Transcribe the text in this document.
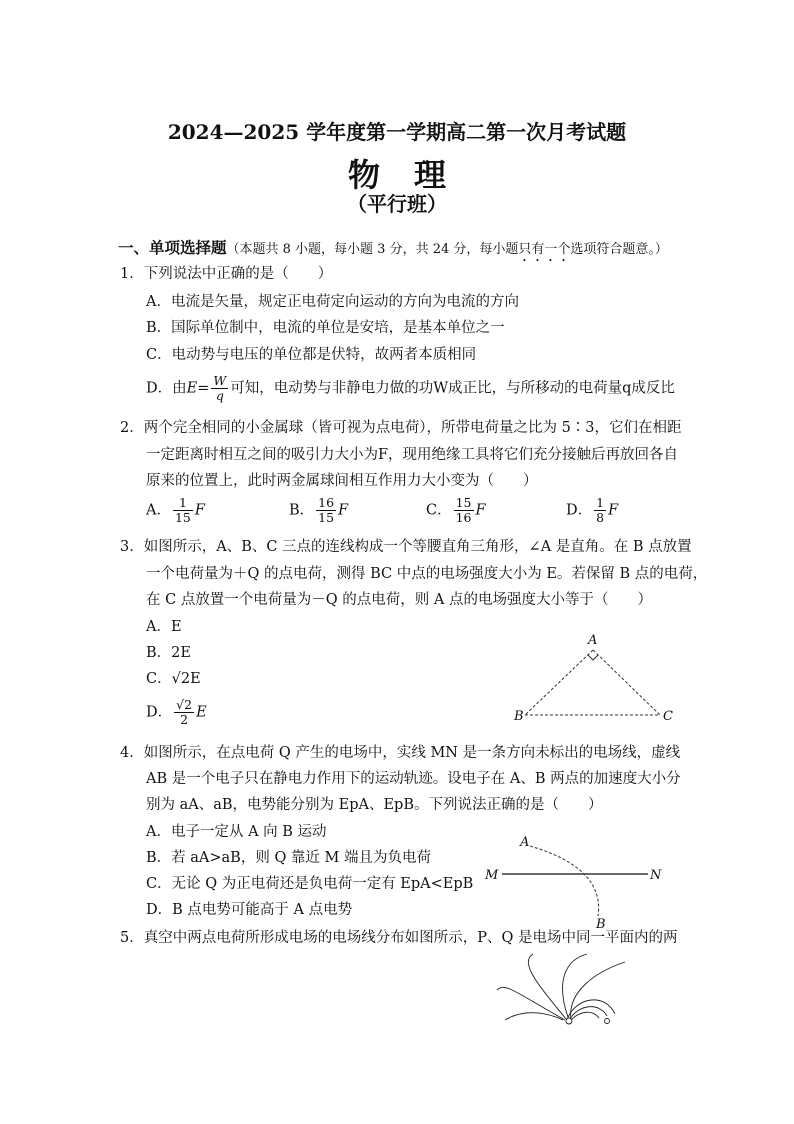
2024—2025 学年度第一学期高二第一次月考试题
物理
（平行班）
一、单项选择题（本题共 8 小题，每小题 3 分，共 24 分，每小题只有一个选项符合题意。）
1．下列说法中正确的是（　　）
A．电流是矢量，规定正电荷定向运动的方向为电流的方向
B．国际单位制中，电流的单位是安培，是基本单位之一
C．电动势与电压的单位都是伏特，故两者本质相同
D．由$E= \frac{W}{q}$ 可知，电动势与非静电力做的功W成正比，与所移动的电荷量q成反比
2．两个完全相同的小金属球（皆可视为点电荷），所带电荷量之比为 5∶3，它们在相距
一定距离时相互之间的吸引力大小为F，现用绝缘工具将它们充分接触后再放回各自
原来的位置上，此时两金属球间相互作用力大小变为（　　）
A． $\frac{1}{15}$ F	B． $\frac{16}{15}$ F	C． $\frac{15}{16}$ F	D． $\frac{1}{8}$ F
3．如图所示，A、B、C 三点的连线构成一个等腰直角三角形，∠A 是直角。在 B 点放置
一个电荷量为＋Q 的点电荷，测得 BC 中点的电场强度大小为 E。若保留 B 点的电荷，
在 C 点放置一个电荷量为－Q 的点电荷，则 A 点的电场强度大小等于（　　）
A．E
B．2E
C．√2E
D． $\frac{√2}{2}$ E
A
B	C
4．如图所示，在点电荷 Q 产生的电场中，实线 MN 是一条方向未标出的电场线，虚线
AB 是一个电子只在静电力作用下的运动轨迹。设电子在 A、B 两点的加速度大小分
别为 aA、aB，电势能分别为 EpA、EpB。下列说法正确的是（　　）
A．电子一定从 A 向 B 运动
B．若 aA>aB，则 Q 靠近 M 端且为负电荷
C．无论 Q 为正电荷还是负电荷一定有 EpA<EpB
D．B 点电势可能高于 A 点电势
A
B
M	N
5．真空中两点电荷所形成电场的电场线分布如图所示，P、Q 是电场中同一平面内的两
